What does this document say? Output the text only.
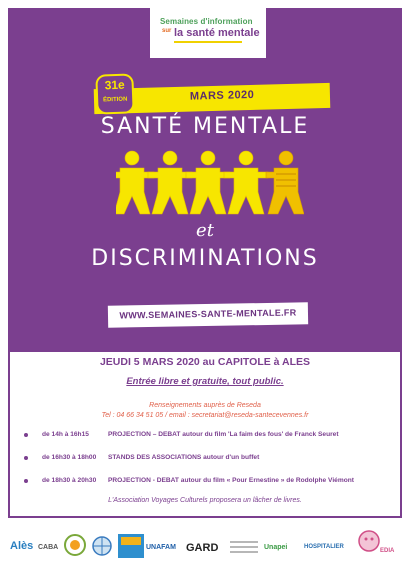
Semaines d'information
sur la santé mentale
MARS 2020
31e
ÉDITION
SANTÉ MENTALE
et
DISCRIMINATIONS
WWW.SEMAINES-SANTE-MENTALE.FR
JEUDI 5 MARS 2020 au CAPITOLE à ALES
Entrée libre et gratuite, tout public.
Renseignements auprès de Reseda
Tel : 04 66 34 51 05 / email : secretariat@reseda-santecevennes.fr
de 14h à 16h15	PROJECTION – DEBAT autour du film 'La faim des fous' de Franck Seuret
de 16h30 à 18h00 STANDS DES ASSOCIATIONS autour d'un buffet
de 18h30 à 20h30 PROJECTION - DEBAT autour du film « Pour Ernestine » de Rodolphe Viémont
L'Association Voyages Culturels proposera un lâcher de livres.
Alès CABA	UNAFAM GARD	Unapei	HOSPITALIER
EDIA
